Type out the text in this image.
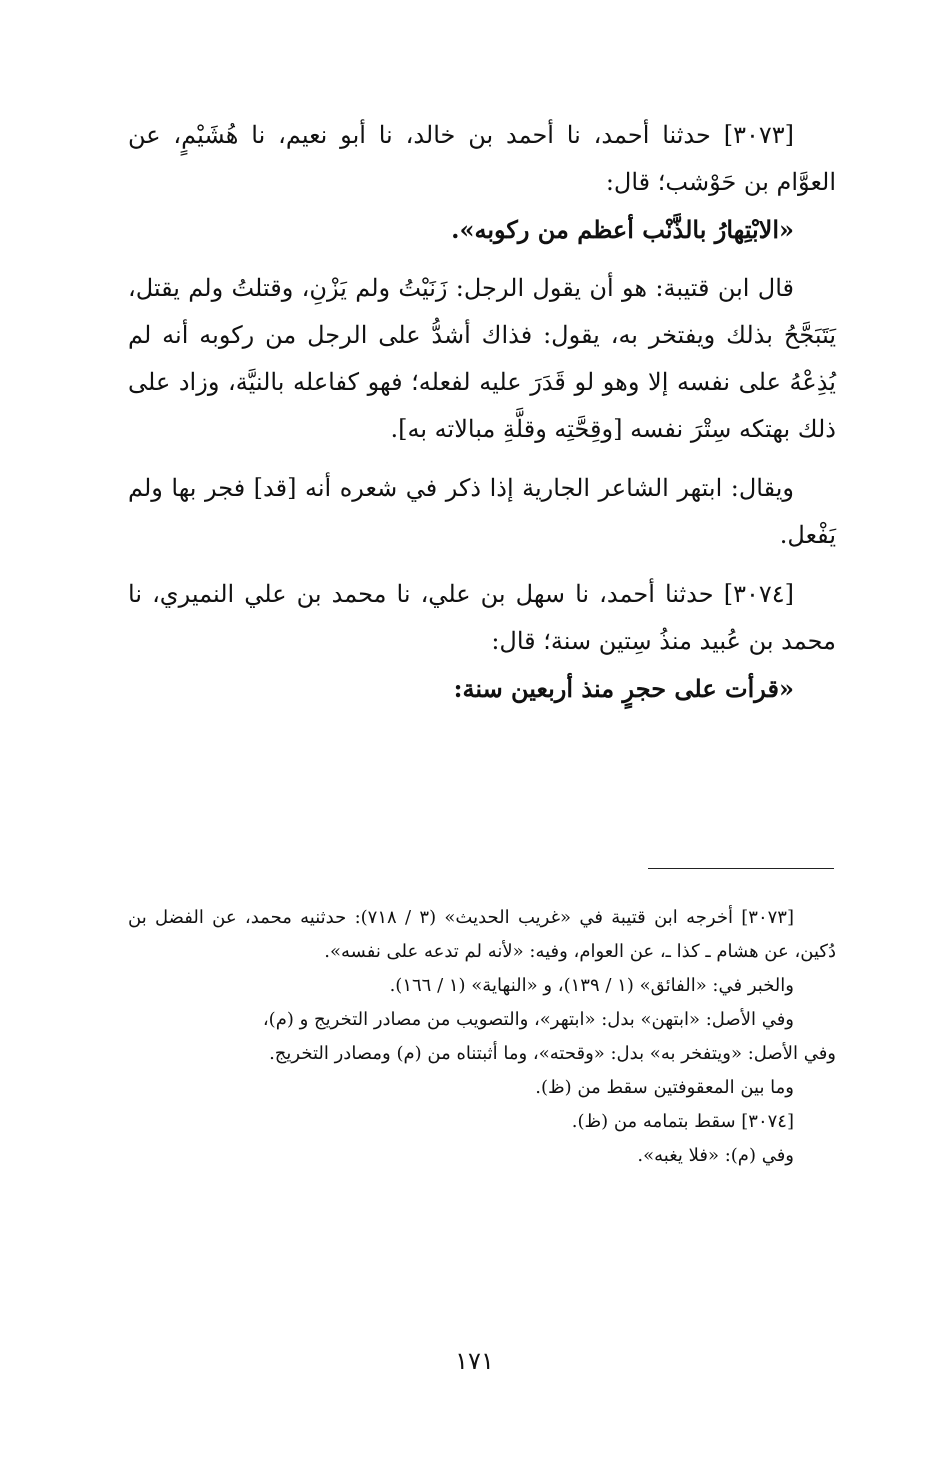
[٣٠٧٣] حدثنا أحمد، نا أحمد بن خالد، نا أبو نعيم، نا هُشَيْمٍ، عن العوَّام بن حَوْشب؛ قال:

«الابْتِهارُ بالذَّنْب أعظم من ركوبه».

قال ابن قتيبة: هو أن يقول الرجل: زَنَيْتُ ولم يَزْنِ، وقتلتُ ولم يقتل، يَتَبَجَّحُ بذلك ويفتخر به، يقول: فذاك أشدُّ على الرجل من ركوبه أنه لم يُذِعْهُ على نفسه إلا وهو لو قَدَرَ عليه لفعله؛ فهو كفاعله بالنيَّة، وزاد على ذلك بهتكه سِتْرَ نفسه [وقِحَّتِه وقلَّةِ مبالاته به].

ويقال: ابتهر الشاعر الجارية إذا ذكر في شعره أنه [قد] فجر بها ولم يَفْعل.

[٣٠٧٤] حدثنا أحمد، نا سهل بن علي، نا محمد بن علي النميري، نا محمد بن عُبيد منذُ سِتين سنة؛ قال:

«قرأت على حجرٍ منذ أربعين سنة:

[٣٠٧٣] أخرجه ابن قتيبة في «غريب الحديث» (٣ / ٧١٨): حدثنيه محمد، عن الفضل بن دُكين، عن هشام ـ كذا ـ، عن العوام، وفيه: «لأنه لم تدعه على نفسه».

والخبر في: «الفائق» (١ / ١٣٩)، و «النهاية» (١ / ١٦٦).

وفي الأصل: «ابتهن» بدل: «ابتهر»، والتصويب من مصادر التخريج و (م)،

وفي الأصل: «ويتفخر به» بدل: «وقحته»، وما أثبتناه من (م) ومصادر التخريج.

وما بين المعقوفتين سقط من (ظ).

[٣٠٧٤] سقط بتمامه من (ظ).

وفي (م): «فلا يغبه».

١٧١
